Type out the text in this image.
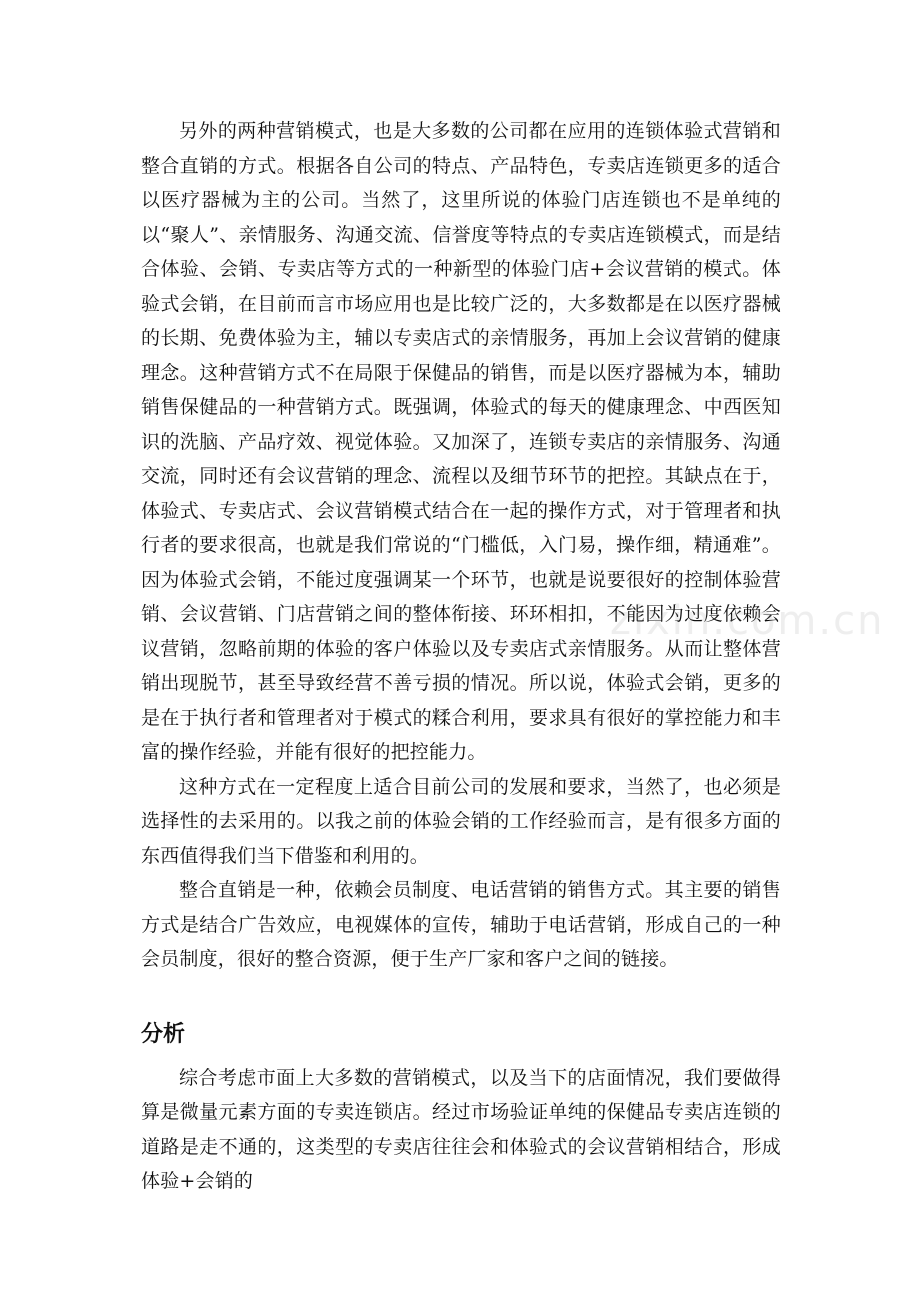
另外的两种营销模式，也是大多数的公司都在应用的连锁体验式营销和整合直销的方式。根据各自公司的特点、产品特色，专卖店连锁更多的适合以医疗器械为主的公司。当然了，这里所说的体验门店连锁也不是单纯的以“聚人”、亲情服务、沟通交流、信誉度等特点的专卖店连锁模式，而是结合体验、会销、专卖店等方式的一种新型的体验门店+会议营销的模式。体验式会销，在目前而言市场应用也是比较广泛的，大多数都是在以医疗器械的长期、免费体验为主，辅以专卖店式的亲情服务，再加上会议营销的健康理念。这种营销方式不在局限于保健品的销售，而是以医疗器械为本，辅助销售保健品的一种营销方式。既强调，体验式的每天的健康理念、中西医知识的洗脑、产品疗效、视觉体验。又加深了，连锁专卖店的亲情服务、沟通交流，同时还有会议营销的理念、流程以及细节环节的把控。其缺点在于，体验式、专卖店式、会议营销模式结合在一起的操作方式，对于管理者和执行者的要求很高，也就是我们常说的“门槛低，入门易，操作细，精通难”。因为体验式会销，不能过度强调某一个环节，也就是说要很好的控制体验营销、会议营销、门店营销之间的整体衔接、环环相扣，不能因为过度依赖会议营销，忽略前期的体验的客户体验以及专卖店式亲情服务。从而让整体营销出现脱节，甚至导致经营不善亏损的情况。所以说，体验式会销，更多的是在于执行者和管理者对于模式的糅合利用，要求具有很好的掌控能力和丰富的操作经验，并能有很好的把控能力。

这种方式在一定程度上适合目前公司的发展和要求，当然了，也必须是选择性的去采用的。以我之前的体验会销的工作经验而言，是有很多方面的东西值得我们当下借鉴和利用的。

整合直销是一种，依赖会员制度、电话营销的销售方式。其主要的销售方式是结合广告效应，电视媒体的宣传，辅助于电话营销，形成自己的一种会员制度，很好的整合资源，便于生产厂家和客户之间的链接。

分析

综合考虑市面上大多数的营销模式，以及当下的店面情况，我们要做得算是微量元素方面的专卖连锁店。经过市场验证单纯的保健品专卖店连锁的道路是走不通的，这类型的专卖店往往会和体验式的会议营销相结合，形成体验+会销的

zixin.com.cn
